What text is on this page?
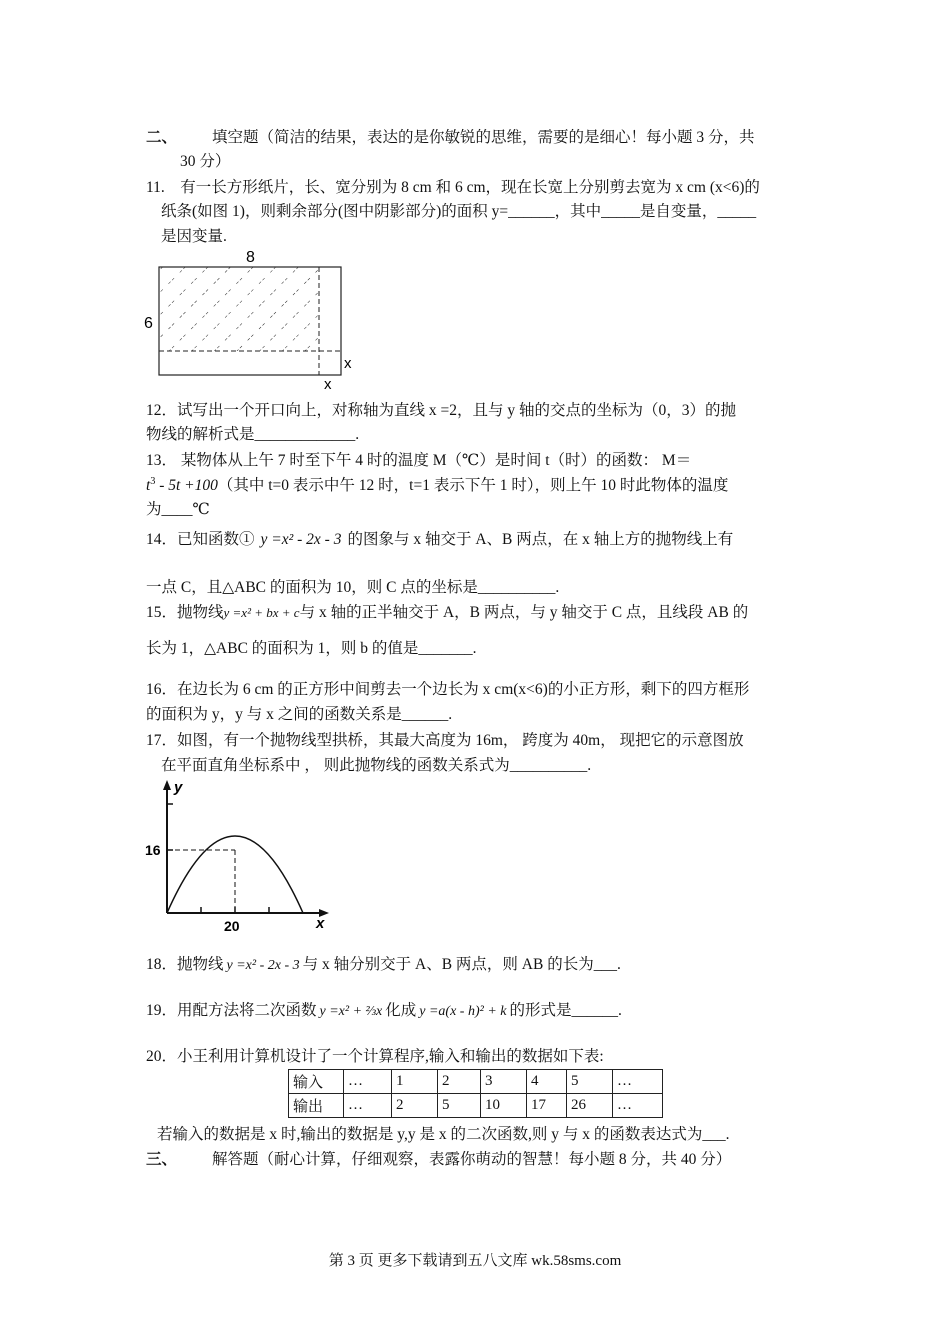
二、 填空题（简洁的结果，表达的是你敏锐的思维，需要的是细心！每小题 3 分，共
30 分）
11.　有一长方形纸片，长、宽分别为 8 cm 和 6 cm，现在长宽上分别剪去宽为 x cm (x<6)的
纸条(如图 1)，则剩余部分(图中阴影部分)的面积 y=______，其中_____是自变量，_____
是因变量.
8
6
x
x
12．试写出一个开口向上，对称轴为直线 x =2，且与 y 轴的交点的坐标为（0，3）的抛
物线的解析式是_____________.
13． 某物体从上午 7 时至下午 4 时的温度 M（℃）是时间 t（时）的函数： M＝
$t^3 - 5t +100$（其中 t=0 表示中午 12 时，t=1 表示下午 1 时），则上午 10 时此物体的温度
为____℃
14．已知函数① y =x² - 2x - 3 的图象与 x 轴交于 A、B 两点，在 x 轴上方的抛物线上有
一点 C，且△ABC 的面积为 10，则 C 点的坐标是__________.
15．抛物线y =x² + bx + c与 x 轴的正半轴交于 A，B 两点，与 y 轴交于 C 点，且线段 AB 的
长为 1，△ABC 的面积为 1，则 b 的值是_______.
16．在边长为 6 cm 的正方形中间剪去一个边长为 x cm(x<6)的小正方形，剩下的四方框形
的面积为 y，y 与 x 之间的函数关系是______.
17．如图，有一个抛物线型拱桥，其最大高度为 16m， 跨度为 40m， 现把它的示意图放
在平面直角坐标系中 ， 则此抛物线的函数关系式为__________.
y
x
16
20
18．抛物线 y =x² - 2x - 3 与 x 轴分别交于 A、B 两点，则 AB 的长为___.
19．用配方法将二次函数 y =x² + ⅔x 化成 y =a(x - h)² + k 的形式是______.
20．小王利用计算机设计了一个计算程序,输入和输出的数据如下表:
输入	…	1	2	3	4	5	…
输出	…	2	5	10	17	26	…
若输入的数据是 x 时,输出的数据是 y,y 是 x 的二次函数,则 y 与 x 的函数表达式为___.
三、 解答题（耐心计算，仔细观察，表露你萌动的智慧！每小题 8 分，共 40 分）
第 3 页 更多下载请到五八文库 wk.58sms.com
